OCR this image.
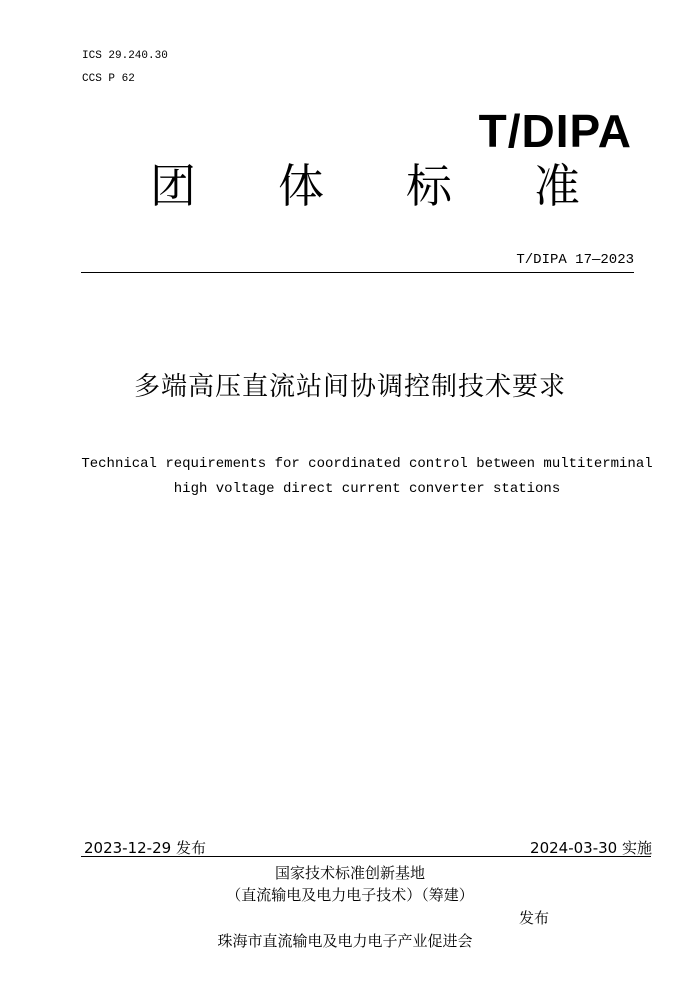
ICS 29.240.30
CCS P 62
T/DIPA
团 体 标 准
T/DIPA 17—2023
多端高压直流站间协调控制技术要求
Technical requirements for coordinated control between multiterminal
high voltage direct current converter stations
2023-12-29 发布	2024-03-30 实施
国家技术标准创新基地
（直流输电及电力电子技术）（筹建）
发布
珠海市直流输电及电力电子产业促进会
